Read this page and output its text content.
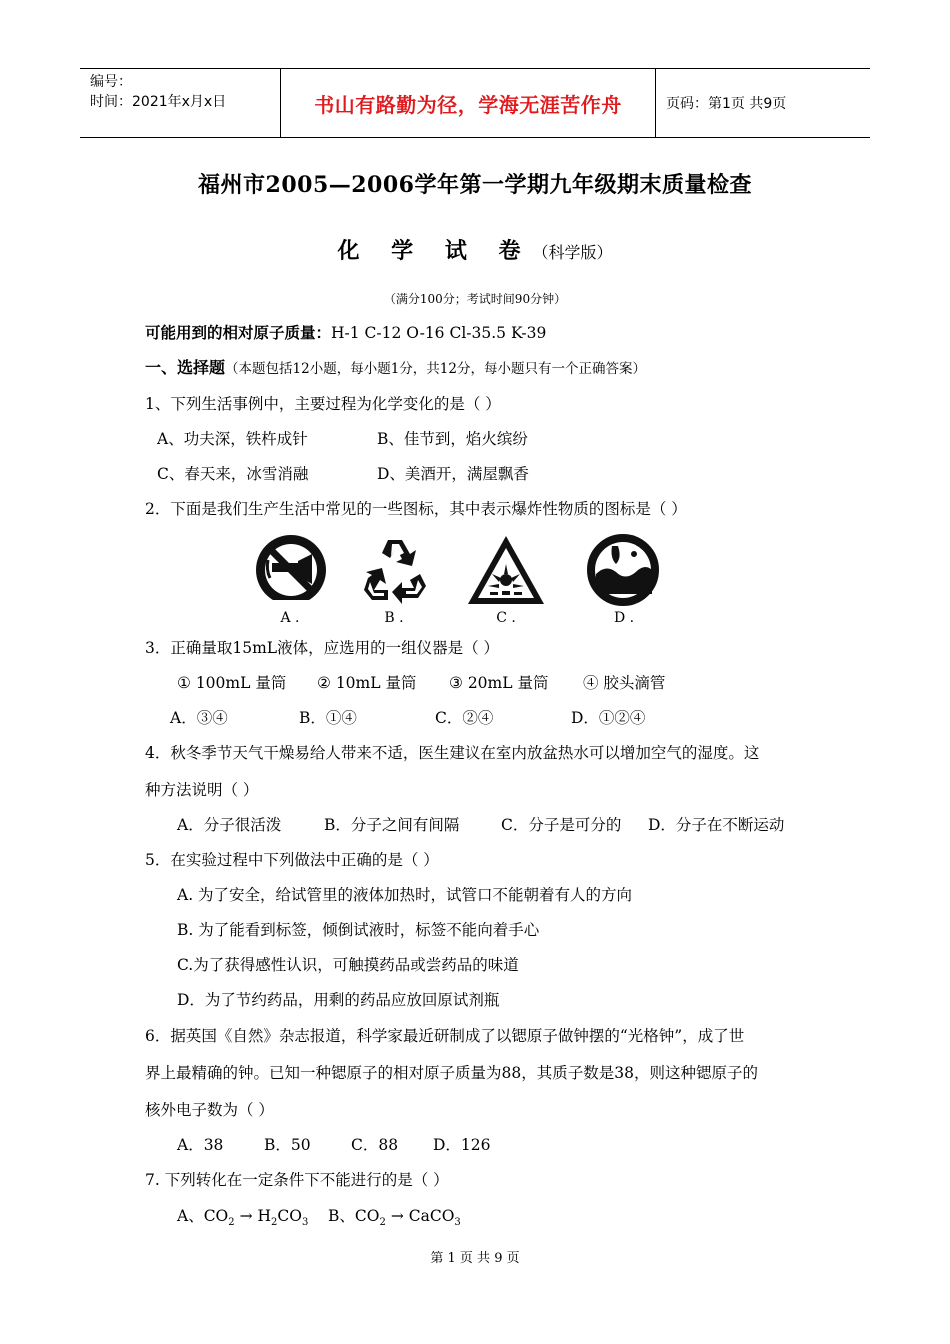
编号：
时间：2021年x月x日	书山有路勤为径，学海无涯苦作舟	页码：第1页 共9页
福州市2005—2006学年第一学期九年级期末质量检查
化 学 试 卷（科学版）
（满分100分；考试时间90分钟）
可能用到的相对原子质量：H-1 C-12 O-16 Cl-35.5 K-39
一、选择题（本题包括12小题，每小题1分，共12分，每小题只有一个正确答案）
1、下列生活事例中，主要过程为化学变化的是（ ）
A、功夫深，铁杵成针	B、佳节到，焰火缤纷
C、春天来，冰雪消融	D、美酒开，满屋飘香
2．下面是我们生产生活中常见的一些图标，其中表示爆炸性物质的图标是（ ）
A .	B .	C .	D .
3．正确量取15mL液体，应选用的一组仪器是（ ）
① 100mL 量筒 ② 10mL 量筒 ③ 20mL 量筒 ④ 胶头滴管
A．③④	B．①④	C．②④	D．①②④
4．秋冬季节天气干燥易给人带来不适，医生建议在室内放盆热水可以增加空气的湿度。这
种方法说明（ ）
A．分子很活泼	B．分子之间有间隔	C．分子是可分的 D．分子在不断运动
5．在实验过程中下列做法中正确的是（ ）
A. 为了安全，给试管里的液体加热时，试管口不能朝着有人的方向
B. 为了能看到标签，倾倒试液时，标签不能向着手心
C.为了获得感性认识，可触摸药品或尝药品的味道
D．为了节约药品，用剩的药品应放回原试剂瓶
6．据英国《自然》杂志报道，科学家最近研制成了以锶原子做钟摆的“光格钟”，成了世
界上最精确的钟。已知一种锶原子的相对原子质量为88，其质子数是38，则这种锶原子的
核外电子数为（ ）
A．38	B．50	C．88 D．126
7. 下列转化在一定条件下不能进行的是（ ）
A、$CO_2 \to H_2CO_3$ B、$CO_2$ → CaCO$_3$
第 1 页 共 9 页
